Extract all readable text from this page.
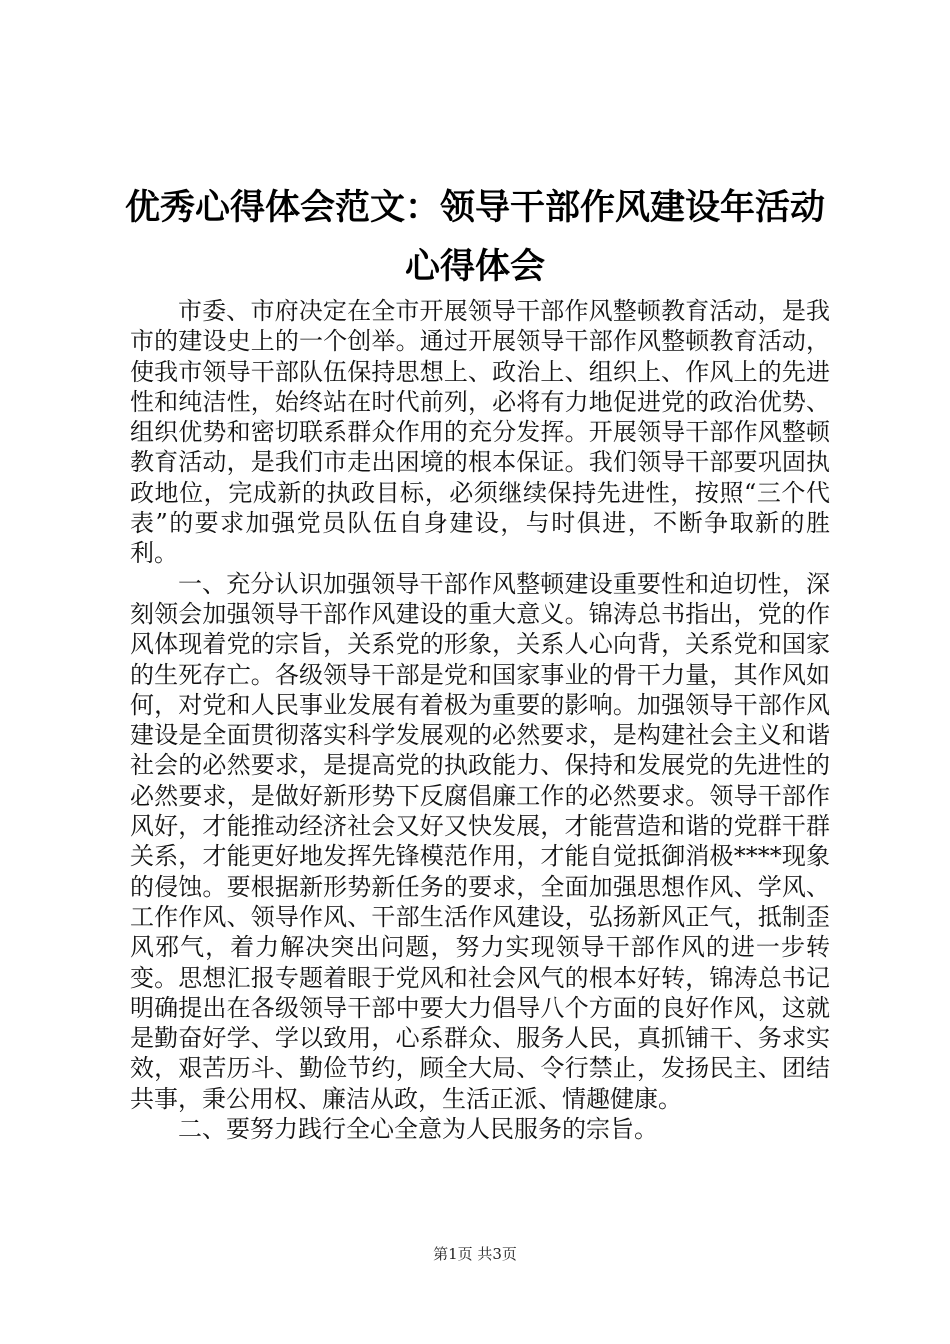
优秀心得体会范文：领导干部作风建设年活动
心得体会

市委、市府决定在全市开展领导干部作风整顿教育活动，是我市的建设史上的一个创举。通过开展领导干部作风整顿教育活动，使我市领导干部队伍保持思想上、政治上、组织上、作风上的先进性和纯洁性，始终站在时代前列，必将有力地促进党的政治优势、组织优势和密切联系群众作用的充分发挥。开展领导干部作风整顿教育活动，是我们市走出困境的根本保证。我们领导干部要巩固执政地位，完成新的执政目标，必须继续保持先进性，按照“三个代表”的要求加强党员队伍自身建设，与时俱进，不断争取新的胜利。

一、充分认识加强领导干部作风整顿建设重要性和迫切性，深刻领会加强领导干部作风建设的重大意义。锦涛总书指出，党的作风体现着党的宗旨，关系党的形象，关系人心向背，关系党和国家的生死存亡。各级领导干部是党和国家事业的骨干力量，其作风如何，对党和人民事业发展有着极为重要的影响。加强领导干部作风建设是全面贯彻落实科学发展观的必然要求，是构建社会主义和谐社会的必然要求，是提高党的执政能力、保持和发展党的先进性的必然要求，是做好新形势下反腐倡廉工作的必然要求。领导干部作风好，才能推动经济社会又好又快发展，才能营造和谐的党群干群关系，才能更好地发挥先锋模范作用，才能自觉抵御消极****现象的侵蚀。要根据新形势新任务的要求，全面加强思想作风、学风、工作作风、领导作风、干部生活作风建设，弘扬新风正气，抵制歪风邪气，着力解决突出问题，努力实现领导干部作风的进一步转变。思想汇报专题着眼于党风和社会风气的根本好转，锦涛总书记明确提出在各级领导干部中要大力倡导八个方面的良好作风，这就是勤奋好学、学以致用，心系群众、服务人民，真抓铺干、务求实效，艰苦历斗、勤俭节约，顾全大局、令行禁止，发扬民主、团结共事，秉公用权、廉洁从政，生活正派、情趣健康。

二、要努力践行全心全意为人民服务的宗旨。

第1页 共3页
